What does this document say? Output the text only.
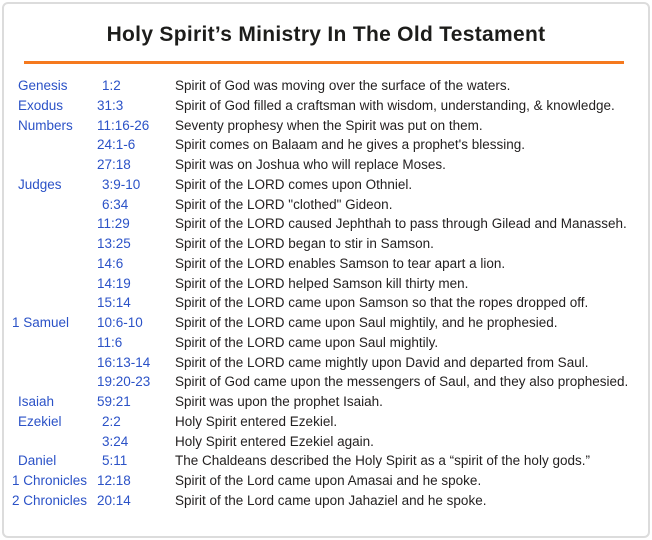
Holy Spirit’s Ministry In The Old Testament
Genesis	1:2	Spirit of God was moving over the surface of the waters.
Exodus	31:3	Spirit of God filled a craftsman with wisdom, understanding, & knowledge.
Numbers	11:16-26	Seventy prophesy when the Spirit was put on them.
24:1-6	Spirit comes on Balaam and he gives a prophet's blessing.
27:18	Spirit was on Joshua who will replace Moses.
Judges	3:9-10	Spirit of the LORD comes upon Othniel.
6:34	Spirit of the LORD "clothed" Gideon.
11:29	Spirit of the LORD caused Jephthah to pass through Gilead and Manasseh.
13:25	Spirit of the LORD began to stir in Samson.
14:6	Spirit of the LORD enables Samson to tear apart a lion.
14:19	Spirit of the LORD helped Samson kill thirty men.
15:14	Spirit of the LORD came upon Samson so that the ropes dropped off.
1 Samuel	10:6-10	Spirit of the LORD came upon Saul mightily, and he prophesied.
11:6	Spirit of the LORD came upon Saul mightily.
16:13-14	Spirit of the LORD came mightly upon David and departed from Saul.
19:20-23	Spirit of God came upon the messengers of Saul, and they also prophesied.
Isaiah	59:21	Spirit was upon the prophet Isaiah.
Ezekiel	2:2	Holy Spirit entered Ezekiel.
3:24	Holy Spirit entered Ezekiel again.
Daniel	5:11	The Chaldeans described the Holy Spirit as a “spirit of the holy gods.”
1 Chronicles 12:18	Spirit of the Lord came upon Amasai and he spoke.
2 Chronicles 20:14	Spirit of the Lord came upon Jahaziel and he spoke.
